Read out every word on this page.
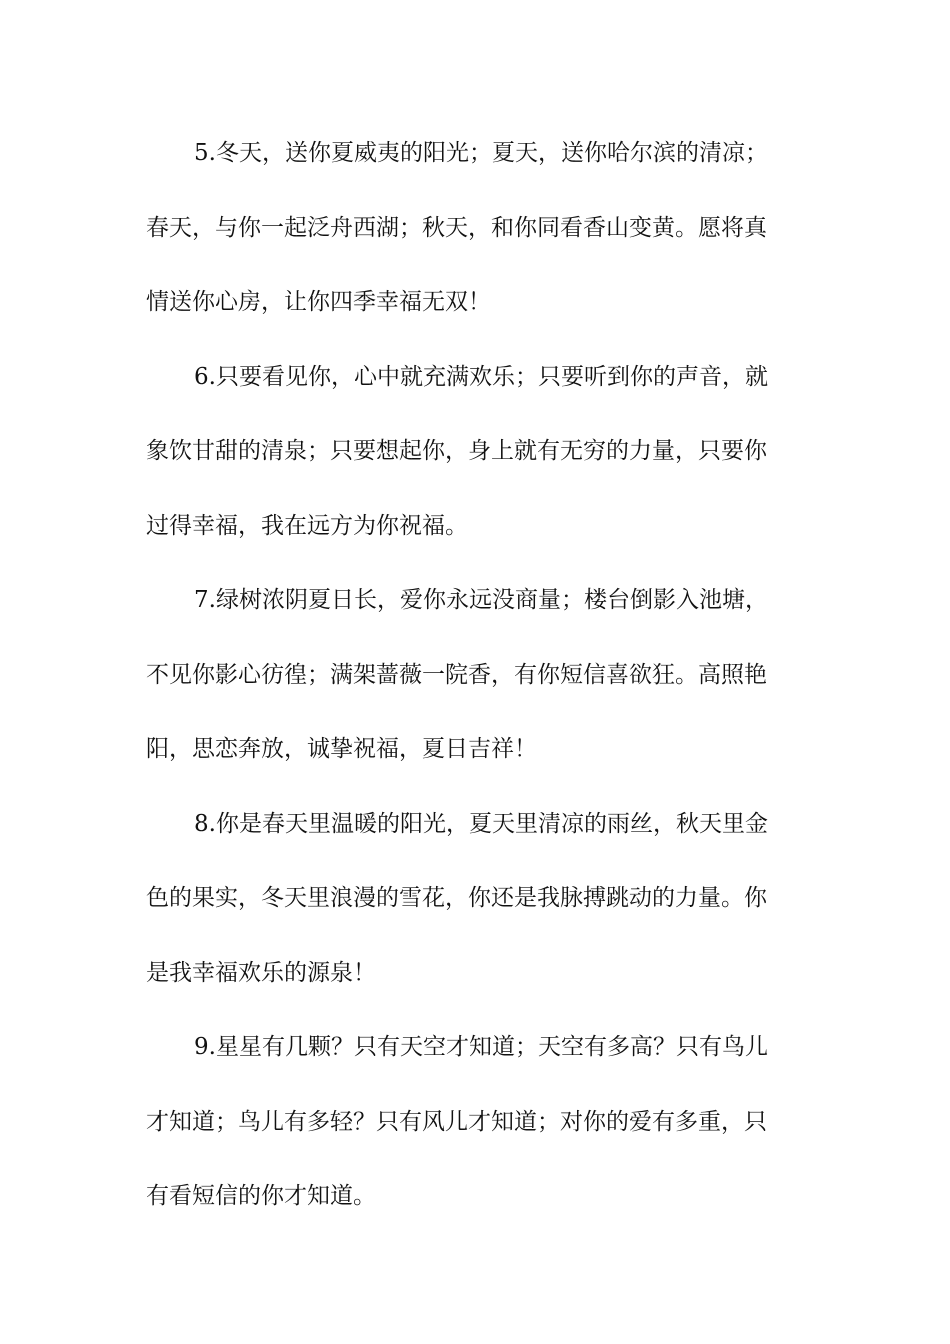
5.冬天，送你夏威夷的阳光；夏天，送你哈尔滨的清凉；
春天，与你一起泛舟西湖；秋天，和你同看香山变黄。愿将真
情送你心房，让你四季幸福无双！
6.只要看见你，心中就充满欢乐；只要听到你的声音，就
象饮甘甜的清泉；只要想起你，身上就有无穷的力量，只要你
过得幸福，我在远方为你祝福。
7.绿树浓阴夏日长，爱你永远没商量；楼台倒影入池塘，
不见你影心彷徨；满架蔷薇一院香，有你短信喜欲狂。高照艳
阳，思恋奔放，诚挚祝福，夏日吉祥！
8.你是春天里温暖的阳光，夏天里清凉的雨丝，秋天里金
色的果实，冬天里浪漫的雪花，你还是我脉搏跳动的力量。你
是我幸福欢乐的源泉！
9.星星有几颗？只有天空才知道；天空有多高？只有鸟儿
才知道；鸟儿有多轻？只有风儿才知道；对你的爱有多重，只
有看短信的你才知道。
